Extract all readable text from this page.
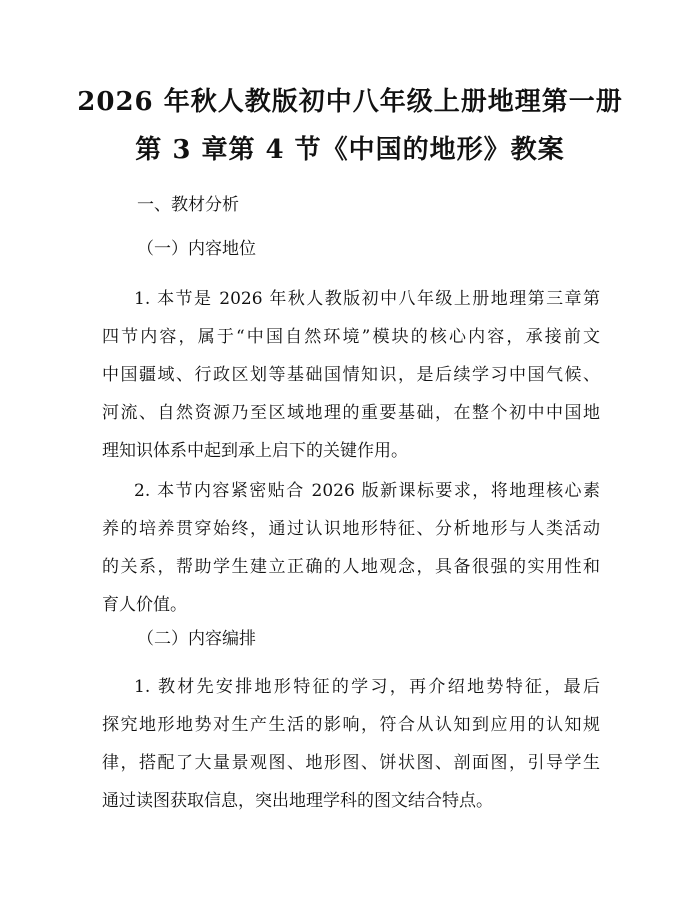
2026 年秋人教版初中八年级上册地理第一册
第 3 章第 4 节《中国的地形》教案
一、教材分析
（一）内容地位
1. 本节是 2026 年秋人教版初中八年级上册地理第三章第
四节内容，属于“中国自然环境”模块的核心内容，承接前文
中国疆域、行政区划等基础国情知识，是后续学习中国气候、
河流、自然资源乃至区域地理的重要基础，在整个初中中国地
理知识体系中起到承上启下的关键作用。
2. 本节内容紧密贴合 2026 版新课标要求，将地理核心素
养的培养贯穿始终，通过认识地形特征、分析地形与人类活动
的关系，帮助学生建立正确的人地观念，具备很强的实用性和
育人价值。
（二）内容编排
1. 教材先安排地形特征的学习，再介绍地势特征，最后
探究地形地势对生产生活的影响，符合从认知到应用的认知规
律，搭配了大量景观图、地形图、饼状图、剖面图，引导学生
通过读图获取信息，突出地理学科的图文结合特点。
